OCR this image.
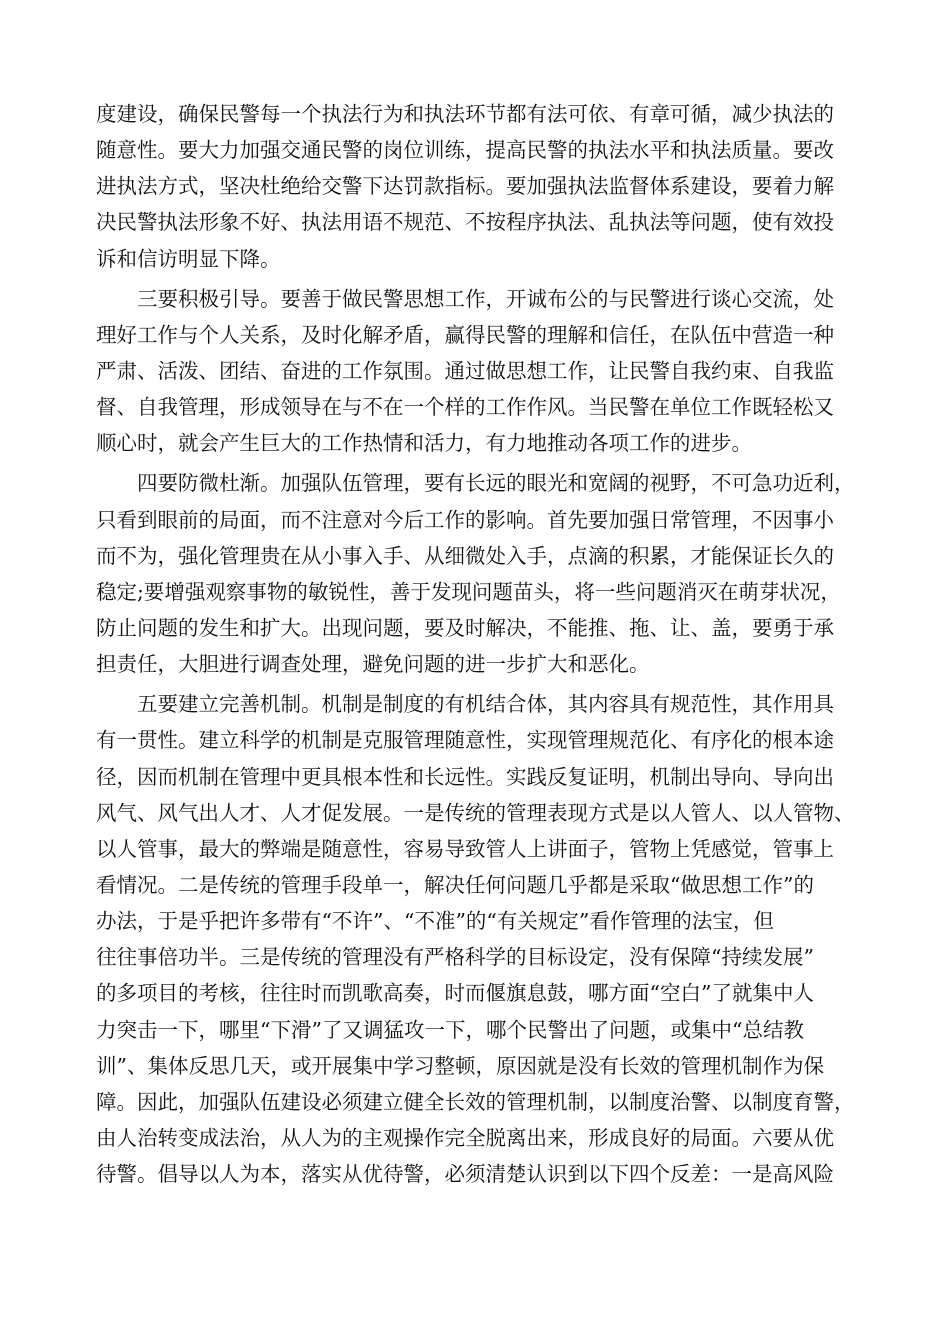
度建设，确保民警每一个执法行为和执法环节都有法可依、有章可循，减少执法的
随意性。要大力加强交通民警的岗位训练，提高民警的执法水平和执法质量。要改
进执法方式，坚决杜绝给交警下达罚款指标。要加强执法监督体系建设，要着力解
决民警执法形象不好、执法用语不规范、不按程序执法、乱执法等问题，使有效投
诉和信访明显下降。
　　三要积极引导。要善于做民警思想工作，开诚布公的与民警进行谈心交流，处
理好工作与个人关系，及时化解矛盾，赢得民警的理解和信任，在队伍中营造一种
严肃、活泼、团结、奋进的工作氛围。通过做思想工作，让民警自我约束、自我监
督、自我管理，形成领导在与不在一个样的工作作风。当民警在单位工作既轻松又
顺心时，就会产生巨大的工作热情和活力，有力地推动各项工作的进步。
　　四要防微杜渐。加强队伍管理，要有长远的眼光和宽阔的视野，不可急功近利，
只看到眼前的局面，而不注意对今后工作的影响。首先要加强日常管理，不因事小
而不为，强化管理贵在从小事入手、从细微处入手，点滴的积累，才能保证长久的
稳定;要增强观察事物的敏锐性，善于发现问题苗头，将一些问题消灭在萌芽状况，
防止问题的发生和扩大。出现问题，要及时解决，不能推、拖、让、盖，要勇于承
担责任，大胆进行调查处理，避免问题的进一步扩大和恶化。
　　五要建立完善机制。机制是制度的有机结合体，其内容具有规范性，其作用具
有一贯性。建立科学的机制是克服管理随意性，实现管理规范化、有序化的根本途
径，因而机制在管理中更具根本性和长远性。实践反复证明，机制出导向、导向出
风气、风气出人才、人才促发展。一是传统的管理表现方式是以人管人、以人管物、
以人管事，最大的弊端是随意性，容易导致管人上讲面子，管物上凭感觉，管事上
看情况。二是传统的管理手段单一，解决任何问题几乎都是采取“做思想工作”的
办法，于是乎把许多带有“不许”、“不准”的“有关规定”看作管理的法宝，但
往往事倍功半。三是传统的管理没有严格科学的目标设定，没有保障“持续发展”
的多项目的考核，往往时而凯歌高奏，时而偃旗息鼓，哪方面“空白”了就集中人
力突击一下，哪里“下滑”了又调猛攻一下，哪个民警出了问题，或集中“总结教
训”、集体反思几天，或开展集中学习整顿，原因就是没有长效的管理机制作为保
障。因此，加强队伍建设必须建立健全长效的管理机制，以制度治警、以制度育警，
由人治转变成法治，从人为的主观操作完全脱离出来，形成良好的局面。六要从优
待警。倡导以人为本，落实从优待警，必须清楚认识到以下四个反差：一是高风险
